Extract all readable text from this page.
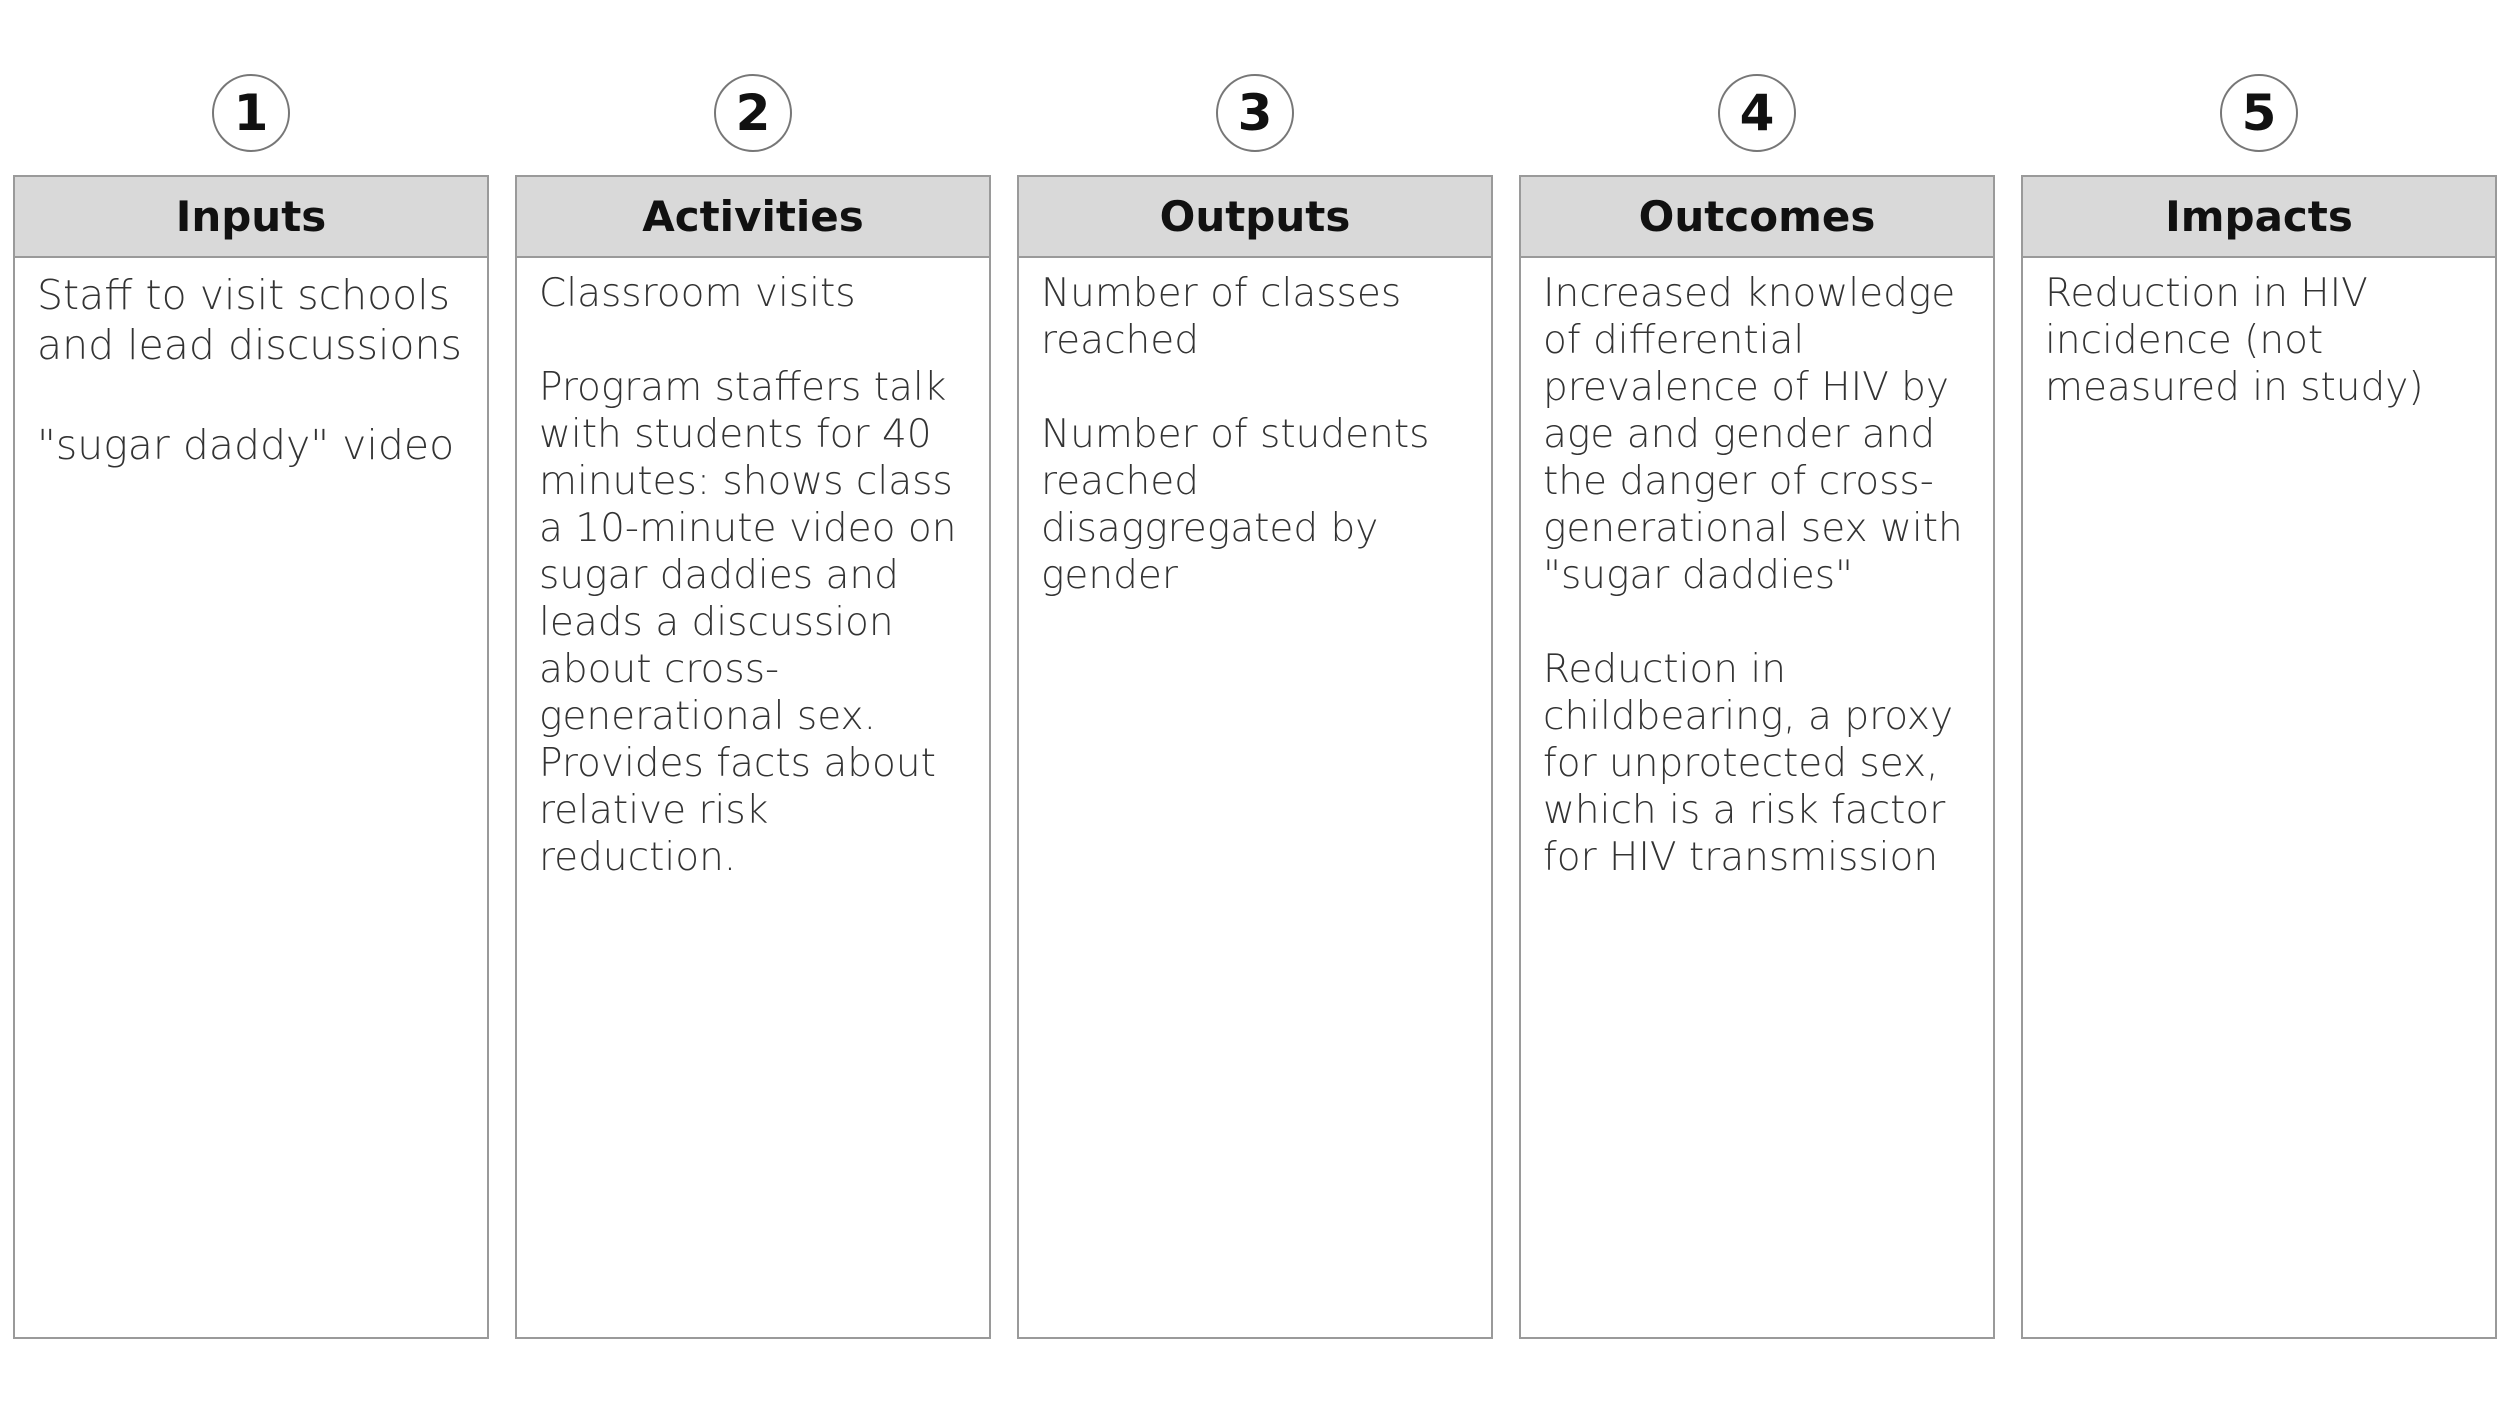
1
Inputs

Staff to visit schools and lead discussions

"sugar daddy" video

2
Activities

Classroom visits

Program staffers talk with students for 40 minutes: shows class a 10-minute video on sugar daddies and leads a discussion about cross-generational sex. Provides facts about relative risk reduction.

3
Outputs

Number of classes reached

Number of students reached disaggregated by gender

4
Outcomes

Increased knowledge of differential prevalence of HIV by age and gender and the danger of cross-generational sex with "sugar daddies"

Reduction in childbearing, a proxy for unprotected sex, which is a risk factor for HIV transmission

5
Impacts

Reduction in HIV incidence (not measured in study)
